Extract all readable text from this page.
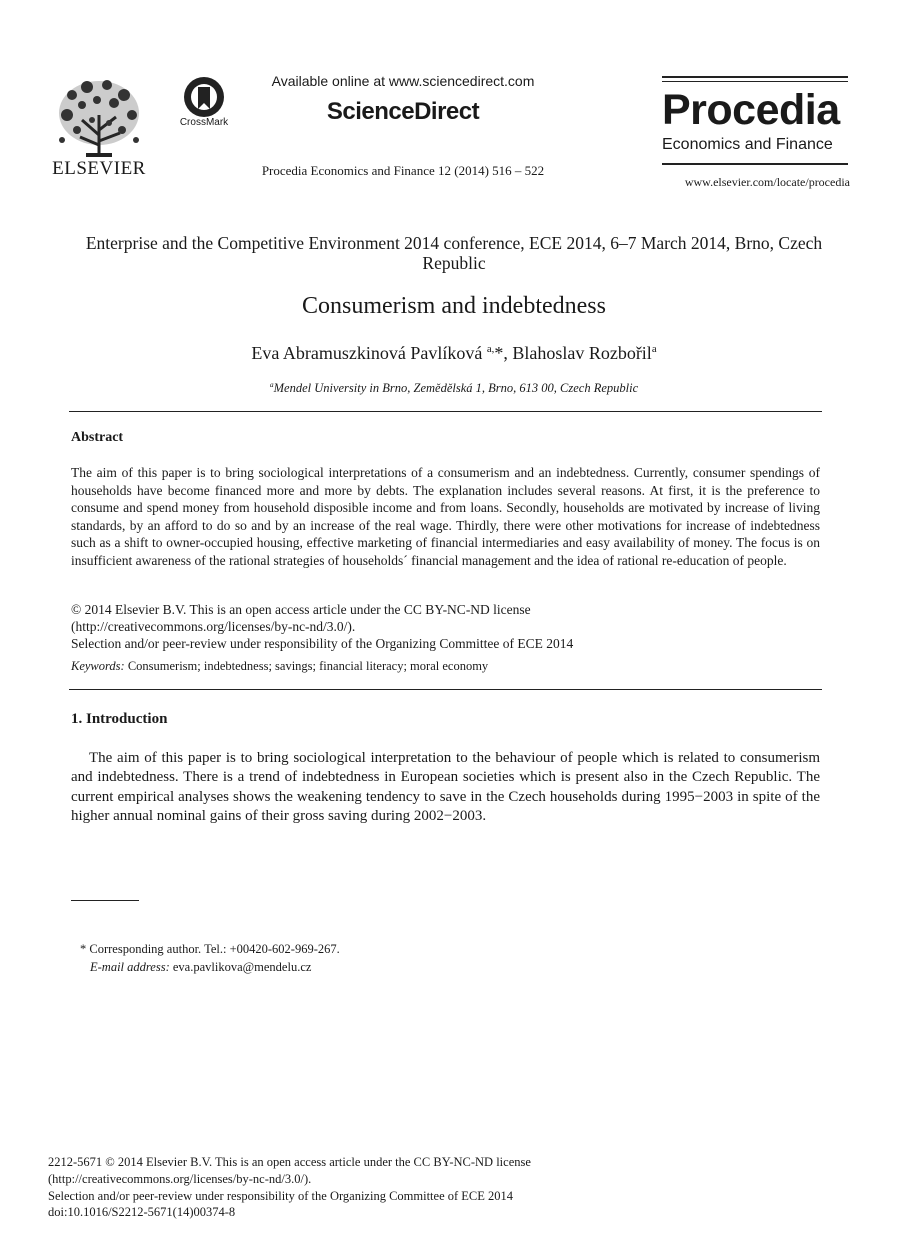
ELSEVIER
CrossMark
Available online at www.sciencedirect.com
ScienceDirect
Procedia Economics and Finance 12 (2014) 516 – 522
Procedia
Economics and Finance
www.elsevier.com/locate/procedia
Enterprise and the Competitive Environment 2014 conference, ECE 2014, 6–7 March 2014, Brno, Czech Republic
Consumerism and indebtedness
Eva Abramuszkinová Pavlíková $^{a,}$*, Blahoslav Rozbořil$^a$
$^a$Mendel University in Brno, Zemědělská 1, Brno, 613 00, Czech Republic
Abstract
The aim of this paper is to bring sociological interpretations of a consumerism and an indebtedness. Currently, consumer spendings of households have become financed more and more by debts. The explanation includes several reasons. At first, it is the preference to consume and spend money from household disposible income and from loans. Secondly, households are motivated by increase of living standards, by an afford to do so and by an increase of the real wage. Thirdly, there were other motivations for increase of indebtedness such as a shift to owner-occupied housing, effective marketing of financial intermediaries and easy availability of money. The focus is on insufficient awareness of the rational strategies of households´ financial management and the idea of rational re-education of people.
© 2014 Elsevier B.V. This is an open access article under the CC BY-NC-ND license
(http://creativecommons.org/licenses/by-nc-nd/3.0/).
Selection and/or peer-review under responsibility of the Organizing Committee of ECE 2014
Keywords: Consumerism; indebtedness; savings; financial literacy; moral economy
1. Introduction
The aim of this paper is to bring sociological interpretation to the behaviour of people which is related to consumerism and indebtedness. There is a trend of indebtedness in European societies which is present also in the Czech Republic. The current empirical analyses shows the weakening tendency to save in the Czech households during 1995−2003 in spite of the higher annual nominal gains of their gross saving during 2002−2003.
* Corresponding author. Tel.: +00420-602-969-267.
E-mail address: eva.pavlikova@mendelu.cz
2212-5671 © 2014 Elsevier B.V. This is an open access article under the CC BY-NC-ND license
(http://creativecommons.org/licenses/by-nc-nd/3.0/).
Selection and/or peer-review under responsibility of the Organizing Committee of ECE 2014
doi:10.1016/S2212-5671(14)00374-8
